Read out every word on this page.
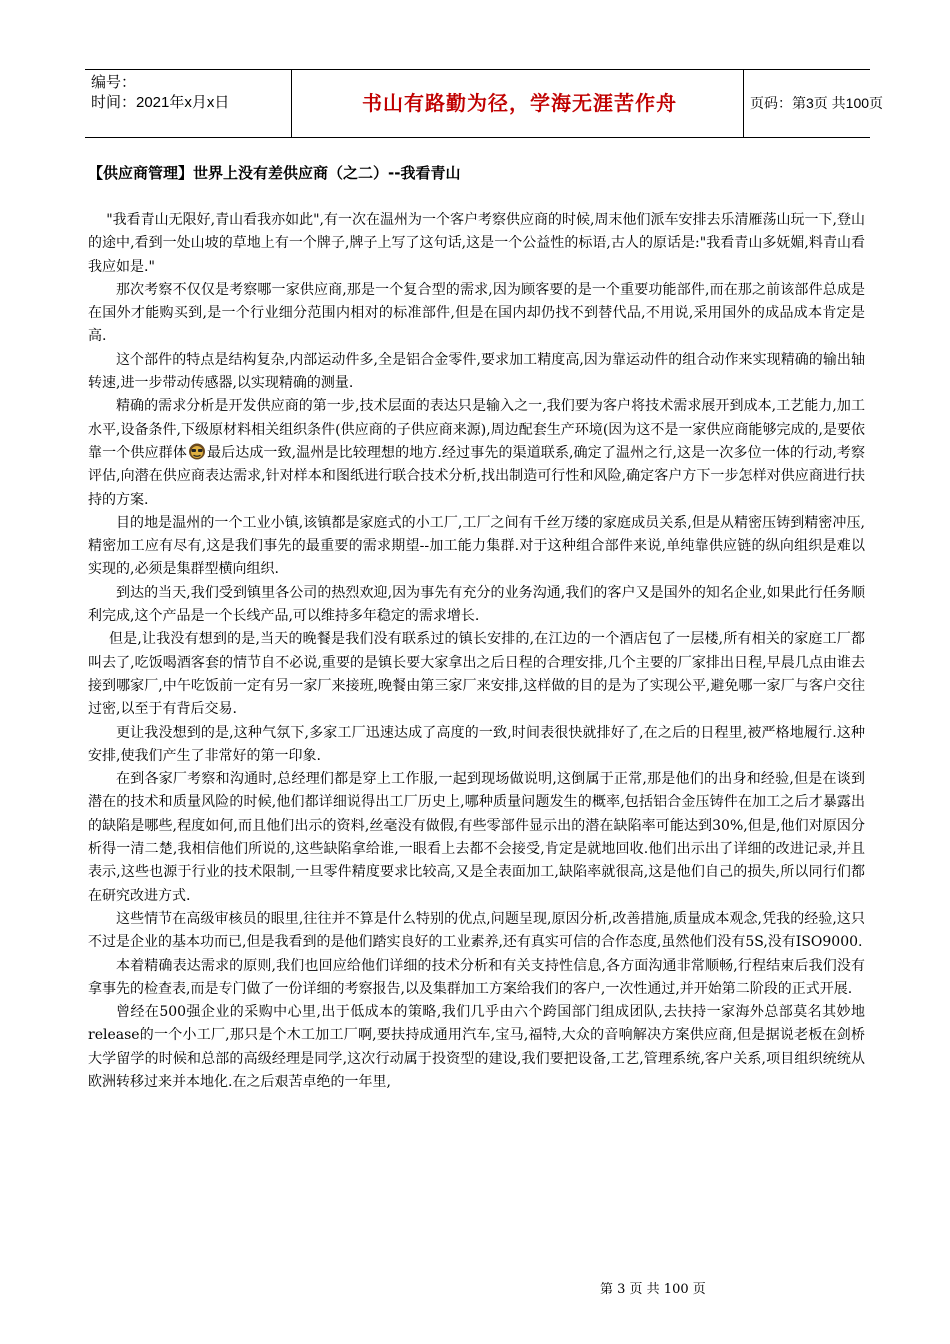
编号：
时间：2021年x月x日	书山有路勤为径，学海无涯苦作舟	页码：第3页 共100页
【供应商管理】世界上没有差供应商（之二）--我看青山

"我看青山无限好,青山看我亦如此",有一次在温州为一个客户考察供应商的时候,周末他们派车安排去乐清雁荡山玩一下,登山的途中,看到一处山坡的草地上有一个牌子,牌子上写了这句话,这是一个公益性的标语,古人的原话是:"我看青山多妩媚,料青山看我应如是."

那次考察不仅仅是考察哪一家供应商,那是一个复合型的需求,因为顾客要的是一个重要功能部件,而在那之前该部件总成是在国外才能购买到,是一个行业细分范围内相对的标准部件,但是在国内却仍找不到替代品,不用说,采用国外的成品成本肯定是高.

这个部件的特点是结构复杂,内部运动件多,全是铝合金零件,要求加工精度高,因为靠运动件的组合动作来实现精确的输出轴转速,进一步带动传感器,以实现精确的测量.

精确的需求分析是开发供应商的第一步,技术层面的表达只是输入之一,我们要为客户将技术需求展开到成本,工艺能力,加工水平,设备条件,下级原材料相关组织条件(供应商的子供应商来源),周边配套生产环境(因为这不是一家供应商能够完成的,是要依靠一个供应群体 最后达成一致,温州是比较理想的地方.经过事先的渠道联系,确定了温州之行,这是一次多位一体的行动,考察评估,向潜在供应商表达需求,针对样本和图纸进行联合技术分析,找出制造可行性和风险,确定客户方下一步怎样对供应商进行扶持的方案.

目的地是温州的一个工业小镇,该镇都是家庭式的小工厂,工厂之间有千丝万缕的家庭成员关系,但是从精密压铸到精密冲压,精密加工应有尽有,这是我们事先的最重要的需求期望--加工能力集群.对于这种组合部件来说,单纯靠供应链的纵向组织是难以实现的,必须是集群型横向组织.

到达的当天,我们受到镇里各公司的热烈欢迎,因为事先有充分的业务沟通,我们的客户又是国外的知名企业,如果此行任务顺利完成,这个产品是一个长线产品,可以维持多年稳定的需求增长.

但是,让我没有想到的是,当天的晚餐是我们没有联系过的镇长安排的,在江边的一个酒店包了一层楼,所有相关的家庭工厂都叫去了,吃饭喝酒客套的情节自不必说,重要的是镇长要大家拿出之后日程的合理安排,几个主要的厂家排出日程,早晨几点由谁去接到哪家厂,中午吃饭前一定有另一家厂来接班,晚餐由第三家厂来安排,这样做的目的是为了实现公平,避免哪一家厂与客户交往过密,以至于有背后交易.

更让我没想到的是,这种气氛下,多家工厂迅速达成了高度的一致,时间表很快就排好了,在之后的日程里,被严格地履行.这种安排,使我们产生了非常好的第一印象.

在到各家厂考察和沟通时,总经理们都是穿上工作服,一起到现场做说明,这倒属于正常,那是他们的出身和经验,但是在谈到潜在的技术和质量风险的时候,他们都详细说得出工厂历史上,哪种质量问题发生的概率,包括铝合金压铸件在加工之后才暴露出的缺陷是哪些,程度如何,而且他们出示的资料,丝毫没有做假,有些零部件显示出的潜在缺陷率可能达到30%,但是,他们对原因分析得一清二楚,我相信他们所说的,这些缺陷拿给谁,一眼看上去都不会接受,肯定是就地回收.他们出示出了详细的改进记录,并且表示,这些也源于行业的技术限制,一旦零件精度要求比较高,又是全表面加工,缺陷率就很高,这是他们自己的损失,所以同行们都在研究改进方式.

这些情节在高级审核员的眼里,往往并不算是什么特别的优点,问题呈现,原因分析,改善措施,质量成本观念,凭我的经验,这只不过是企业的基本功而已,但是我看到的是他们踏实良好的工业素养,还有真实可信的合作态度,虽然他们没有5S,没有ISO9000.

本着精确表达需求的原则,我们也回应给他们详细的技术分析和有关支持性信息,各方面沟通非常顺畅,行程结束后我们没有拿事先的检查表,而是专门做了一份详细的考察报告,以及集群加工方案给我们的客户,一次性通过,并开始第二阶段的正式开展.

曾经在500强企业的采购中心里,出于低成本的策略,我们几乎由六个跨国部门组成团队,去扶持一家海外总部莫名其妙地release的一个小工厂,那只是个木工加工厂啊,要扶持成通用汽车,宝马,福特,大众的音响解决方案供应商,但是据说老板在剑桥大学留学的时候和总部的高级经理是同学,这次行动属于投资型的建设,我们要把设备,工艺,管理系统,客户关系,项目组织统统从欧洲转移过来并本地化.在之后艰苦卓绝的一年里,

第 3 页 共 100 页
